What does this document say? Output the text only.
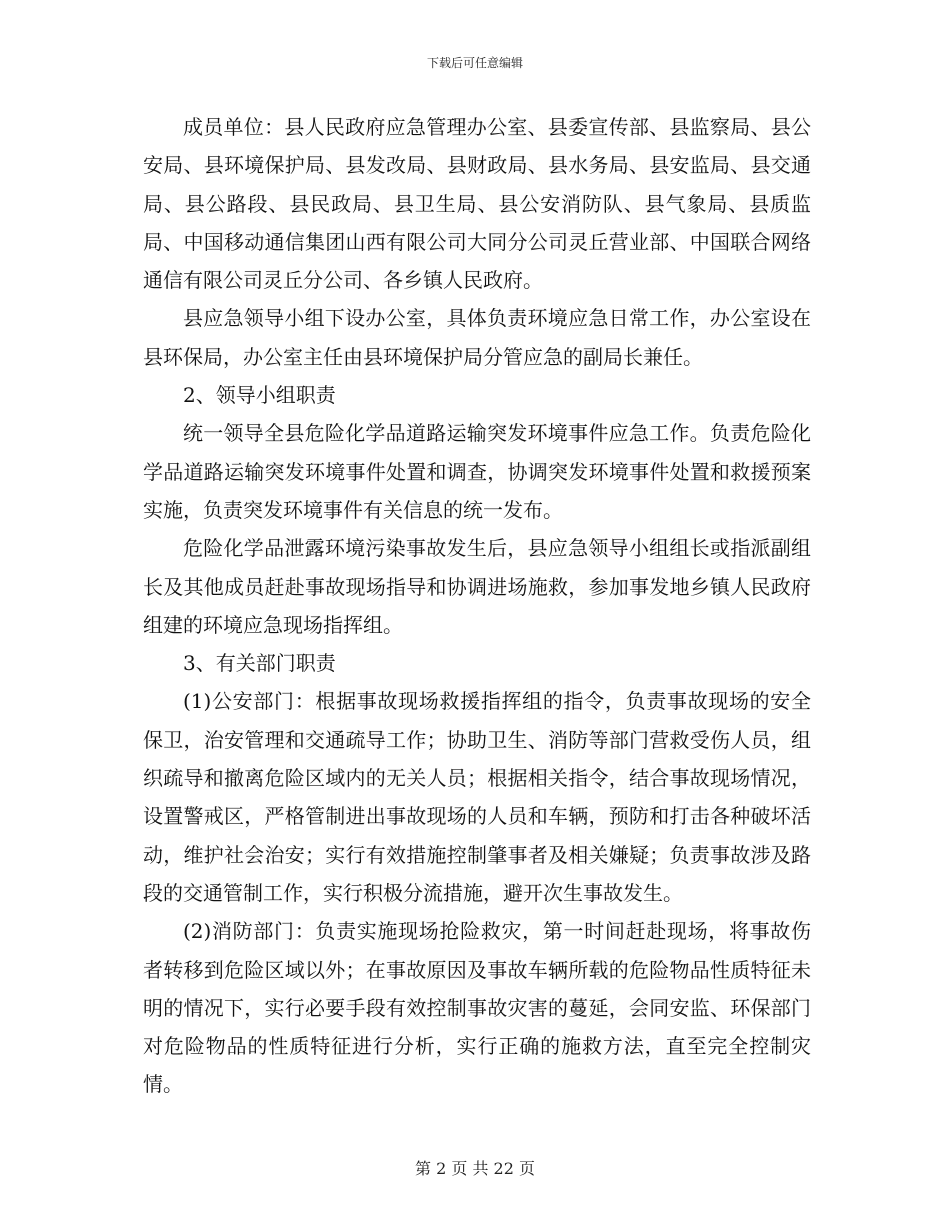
下载后可任意编辑

成员单位：县人民政府应急管理办公室、县委宣传部、县监察局、县公安局、县环境保护局、县发改局、县财政局、县水务局、县安监局、县交通局、县公路段、县民政局、县卫生局、县公安消防队、县气象局、县质监局、中国移动通信集团山西有限公司大同分公司灵丘营业部、中国联合网络通信有限公司灵丘分公司、各乡镇人民政府。

县应急领导小组下设办公室，具体负责环境应急日常工作，办公室设在县环保局，办公室主任由县环境保护局分管应急的副局长兼任。

2、领导小组职责

统一领导全县危险化学品道路运输突发环境事件应急工作。负责危险化学品道路运输突发环境事件处置和调查，协调突发环境事件处置和救援预案实施，负责突发环境事件有关信息的统一发布。

危险化学品泄露环境污染事故发生后，县应急领导小组组长或指派副组长及其他成员赶赴事故现场指导和协调进场施救，参加事发地乡镇人民政府组建的环境应急现场指挥组。

3、有关部门职责

(1)公安部门：根据事故现场救援指挥组的指令，负责事故现场的安全保卫，治安管理和交通疏导工作；协助卫生、消防等部门营救受伤人员，组织疏导和撤离危险区域内的无关人员；根据相关指令，结合事故现场情况，设置警戒区，严格管制进出事故现场的人员和车辆，预防和打击各种破坏活动，维护社会治安；实行有效措施控制肇事者及相关嫌疑；负责事故涉及路段的交通管制工作，实行积极分流措施，避开次生事故发生。

(2)消防部门：负责实施现场抢险救灾，第一时间赶赴现场，将事故伤者转移到危险区域以外；在事故原因及事故车辆所载的危险物品性质特征未明的情况下，实行必要手段有效控制事故灾害的蔓延，会同安监、环保部门对危险物品的性质特征进行分析，实行正确的施救方法，直至完全控制灾情。

第 2 页 共 22 页
